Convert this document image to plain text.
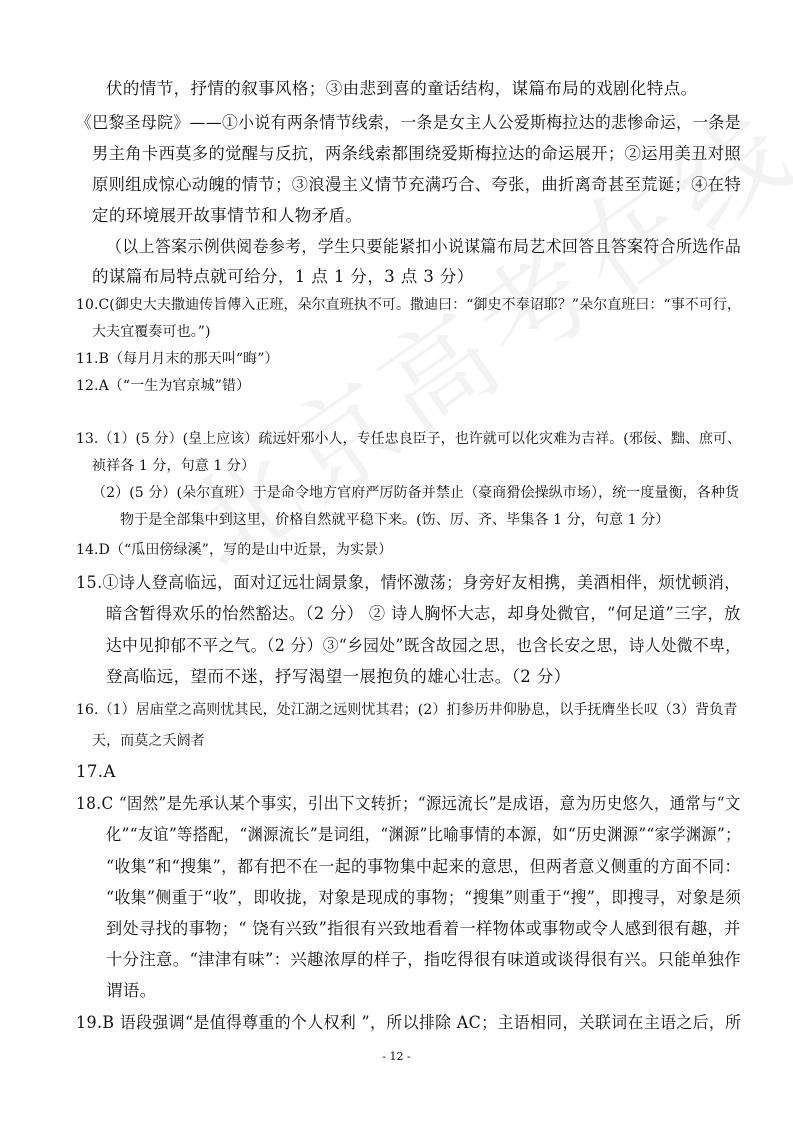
伏的情节，抒情的叙事风格；③由悲到喜的童话结构，谋篇布局的戏剧化特点。
《巴黎圣母院》——①小说有两条情节线索，一条是女主人公爱斯梅拉达的悲惨命运，一条是
男主角卡西莫多的觉醒与反抗，两条线索都围绕爱斯梅拉达的命运展开；②运用美丑对照
原则组成惊心动魄的情节；③浪漫主义情节充满巧合、夸张，曲折离奇甚至荒诞；④在特
定的环境展开故事情节和人物矛盾。
（以上答案示例供阅卷参考，学生只要能紧扣小说谋篇布局艺术回答且答案符合所选作品
的谋篇布局特点就可给分，1 点 1 分，3 点 3 分）
10.C(御史大夫撒迪传旨傳入正班，朵尔直班执不可。撒迪曰：“御史不奉诏耶？”朵尔直班曰：“事不可行，
大夫宜覆奏可也。”)
11.B（每月月末的那天叫“晦”）
12.A（“一生为官京城”错）
13.（1）(5 分）(皇上应该）疏远奸邪小人，专任忠良臣子，也许就可以化灾难为吉祥。(邪佞、黜、庶可、
祯祥各 1 分，句意 1 分）
（2）(5 分）(朵尔直班）于是命令地方官府严厉防备并禁止（豪商猾侩操纵市场），统一度量衡，各种货
物于是全部集中到这里，价格自然就平稳下来。(饬、厉、齐、毕集各 1 分，句意 1 分）
14.D（“瓜田傍绿溪”，写的是山中近景，为实景）
15.①诗人登高临远，面对辽远壮阔景象，情怀激荡；身旁好友相携，美酒相伴，烦忧顿消，
暗含暂得欢乐的怡然豁达。（2 分） ② 诗人胸怀大志，却身处微官，“何足道”三字，放
达中见抑郁不平之气。（2 分）③“乡园处”既含故园之思，也含长安之思，诗人处微不卑，
登高临远，望而不迷，抒写渴望一展抱负的雄心壮志。（2 分）
16.（1）居庙堂之高则忧其民，处江湖之远则忧其君；(2）扪参历井仰胁息，以手抚膺坐长叹（3）背负青
天，而莫之夭阏者
17.A
18.C “固然”是先承认某个事实，引出下文转折；“源远流长”是成语，意为历史悠久，通常与“文
化”“友谊”等搭配，“渊源流长”是词组，“渊源”比喻事情的本源，如“历史渊源”“家学渊源”；
“收集”和“搜集”，都有把不在一起的事物集中起来的意思，但两者意义侧重的方面不同：
“收集”侧重于“收”，即收拢，对象是现成的事物；“搜集”则重于“搜”，即搜寻，对象是须
到处寻找的事物；“ 饶有兴致”指很有兴致地看着一样物体或事物或令人感到很有趣，并
十分注意。“津津有味”：兴趣浓厚的样子，指吃得很有味道或谈得很有兴。只能单独作
谓语。
19.B 语段强调“是值得尊重的个人权利 ”，所以排除 AC；主语相同，关联词在主语之后，所
- 12 -
